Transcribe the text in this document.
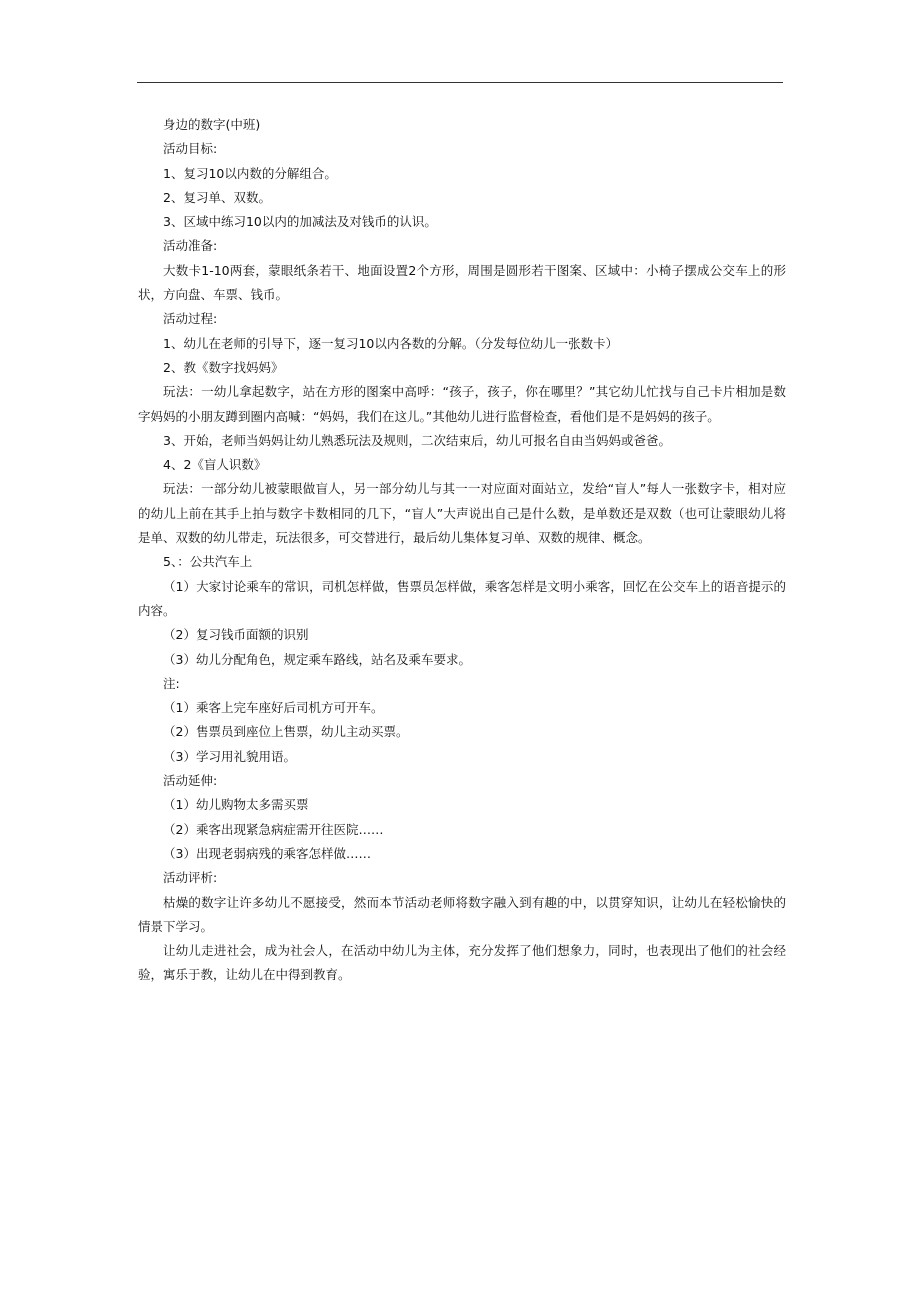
身边的数字(中班)

活动目标:

1、复习10以内数的分解组合。

2、复习单、双数。

3、区域中练习10以内的加减法及对钱币的认识。

活动准备:

大数卡1-10两套，蒙眼纸条若干、地面设置2个方形，周围是圆形若干图案、区域中：小椅子摆成公交车上的形状，方向盘、车票、钱币。

活动过程:

1、幼儿在老师的引导下，逐一复习10以内各数的分解。（分发每位幼儿一张数卡）

2、教《数字找妈妈》

玩法：一幼儿拿起数字，站在方形的图案中高呼：“孩子，孩子，你在哪里？”其它幼儿忙找与自己卡片相加是数字妈妈的小朋友蹲到圈内高喊：“妈妈，我们在这儿。”其他幼儿进行监督检查，看他们是不是妈妈的孩子。

3、开始，老师当妈妈让幼儿熟悉玩法及规则，二次结束后，幼儿可报名自由当妈妈或爸爸。

4、2《盲人识数》

玩法：一部分幼儿被蒙眼做盲人，另一部分幼儿与其一一对应面对面站立，发给“盲人”每人一张数字卡，相对应的幼儿上前在其手上拍与数字卡数相同的几下，“盲人”大声说出自己是什么数，是单数还是双数（也可让蒙眼幼儿将是单、双数的幼儿带走，玩法很多，可交替进行，最后幼儿集体复习单、双数的规律、概念。

5、：公共汽车上

（1）大家讨论乘车的常识，司机怎样做，售票员怎样做，乘客怎样是文明小乘客，回忆在公交车上的语音提示的内容。

（2）复习钱币面额的识别

（3）幼儿分配角色，规定乘车路线，站名及乘车要求。

注:

（1）乘客上完车座好后司机方可开车。

（2）售票员到座位上售票，幼儿主动买票。

（3）学习用礼貌用语。

活动延伸:

（1）幼儿购物太多需买票

（2）乘客出现紧急病症需开往医院……

（3）出现老弱病残的乘客怎样做……

活动评析:

枯燥的数字让许多幼儿不愿接受，然而本节活动老师将数字融入到有趣的中，以贯穿知识，让幼儿在轻松愉快的情景下学习。

让幼儿走进社会，成为社会人，在活动中幼儿为主体，充分发挥了他们想象力，同时，也表现出了他们的社会经验，寓乐于教，让幼儿在中得到教育。
